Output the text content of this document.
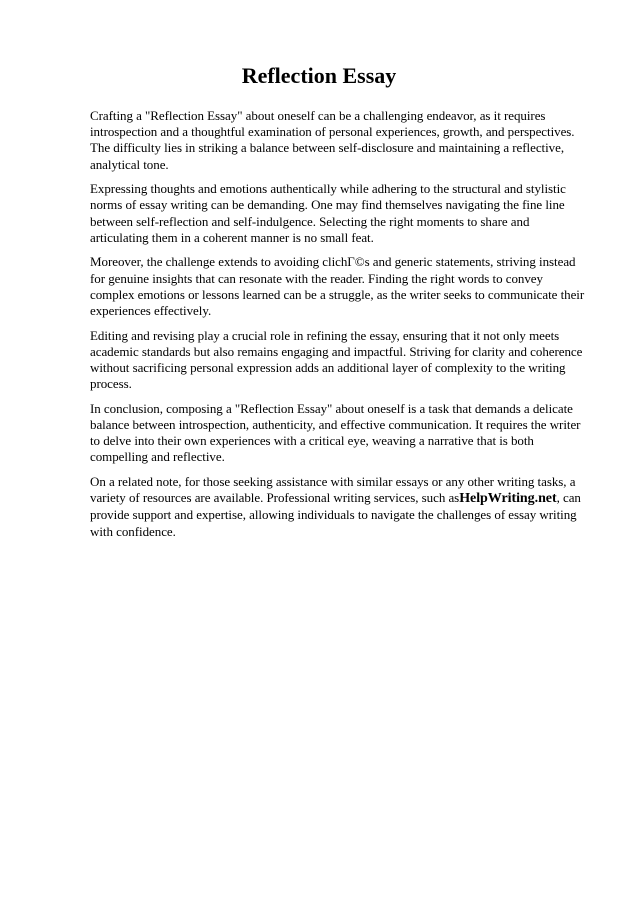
Reflection Essay

Crafting a "Reflection Essay" about oneself can be a challenging endeavor, as it requires introspection and a thoughtful examination of personal experiences, growth, and perspectives. The difficulty lies in striking a balance between self-disclosure and maintaining a reflective, analytical tone.

Expressing thoughts and emotions authentically while adhering to the structural and stylistic norms of essay writing can be demanding. One may find themselves navigating the fine line between self-reflection and self-indulgence. Selecting the right moments to share and articulating them in a coherent manner is no small feat.

Moreover, the challenge extends to avoiding clichГ©s and generic statements, striving instead for genuine insights that can resonate with the reader. Finding the right words to convey complex emotions or lessons learned can be a struggle, as the writer seeks to communicate their experiences effectively.

Editing and revising play a crucial role in refining the essay, ensuring that it not only meets academic standards but also remains engaging and impactful. Striving for clarity and coherence without sacrificing personal expression adds an additional layer of complexity to the writing process.

In conclusion, composing a "Reflection Essay" about oneself is a task that demands a delicate balance between introspection, authenticity, and effective communication. It requires the writer to delve into their own experiences with a critical eye, weaving a narrative that is both compelling and reflective.

On a related note, for those seeking assistance with similar essays or any other writing tasks, a variety of resources are available. Professional writing services, such asHelpWriting.net, can provide support and expertise, allowing individuals to navigate the challenges of essay writing with confidence.
